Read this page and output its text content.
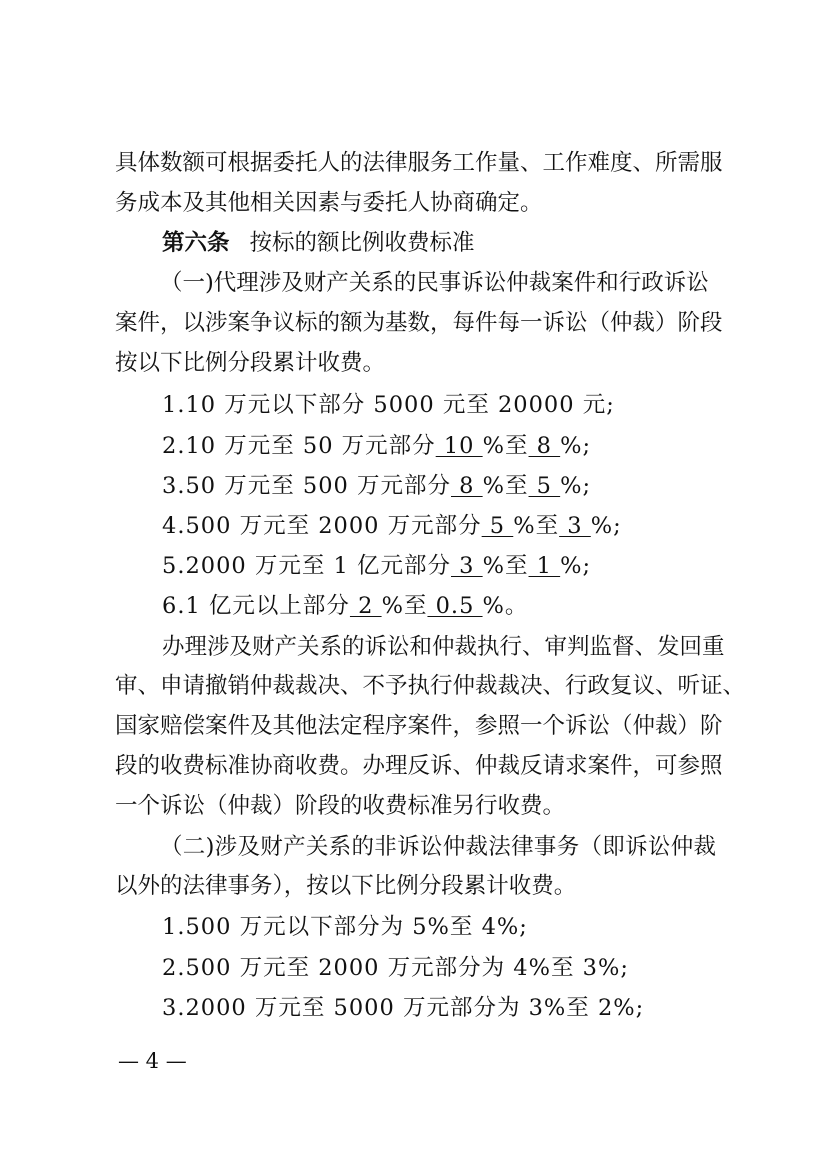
具体数额可根据委托人的法律服务工作量、工作难度、所需服
务成本及其他相关因素与委托人协商确定。
第六条 按标的额比例收费标准
（一)代理涉及财产关系的民事诉讼仲裁案件和行政诉讼
案件，以涉案争议标的额为基数，每件每一诉讼（仲裁）阶段
按以下比例分段累计收费。
1.10 万元以下部分 5000 元至 20000 元;
2.10 万元至 50 万元部分 10 %至 8 %;
3.50 万元至 500 万元部分 8 %至 5 %;
4.500 万元至 2000 万元部分 5 %至 3 %;
5.2000 万元至 1 亿元部分 3 %至 1 %;
6.1 亿元以上部分 2 %至 0.5 %。
办理涉及财产关系的诉讼和仲裁执行、审判监督、发回重
审、申请撤销仲裁裁决、不予执行仲裁裁决、行政复议、听证、
国家赔偿案件及其他法定程序案件，参照一个诉讼（仲裁）阶
段的收费标准协商收费。办理反诉、仲裁反请求案件，可参照
一个诉讼（仲裁）阶段的收费标准另行收费。
（二)涉及财产关系的非诉讼仲裁法律事务（即诉讼仲裁
以外的法律事务），按以下比例分段累计收费。
1.500 万元以下部分为 5%至 4%;
2.500 万元至 2000 万元部分为 4%至 3%;
3.2000 万元至 5000 万元部分为 3%至 2%;
— 4 —
